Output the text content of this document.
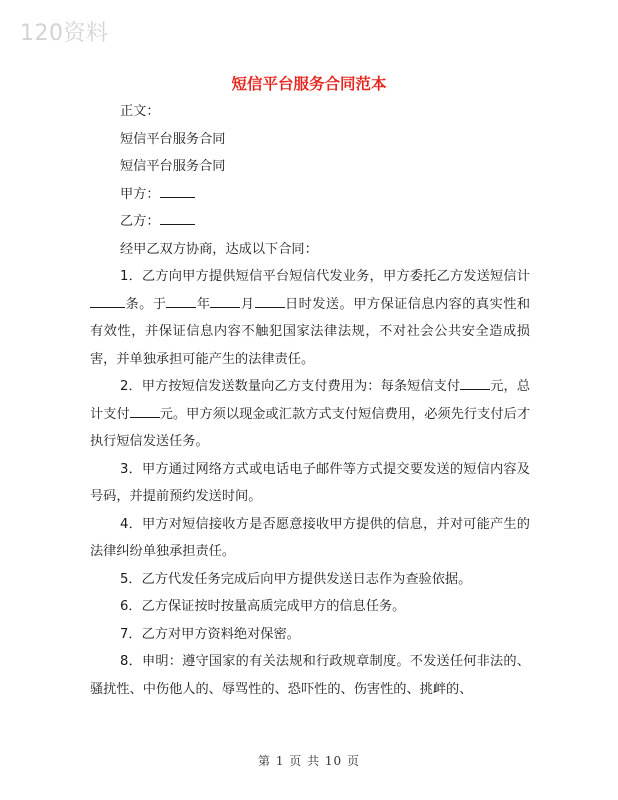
120资料
短信平台服务合同范本

正文：

短信平台服务合同

短信平台服务合同

甲方：

乙方：

经甲乙双方协商，达成以下合同：

1．乙方向甲方提供短信平台短信代发业务，甲方委托乙方发送短信计条。于 年 月 日时发送。甲方保证信息内容的真实性和有效性，并保证信息内容不触犯国家法律法规，不对社会公共安全造成损害，并单独承担可能产生的法律责任。

2．甲方按短信发送数量向乙方支付费用为：每条短信支付 元，总计支付 元。甲方须以现金或汇款方式支付短信费用，必须先行支付后才执行短信发送任务。

3．甲方通过网络方式或电话电子邮件等方式提交要发送的短信内容及号码，并提前预约发送时间。

4．甲方对短信接收方是否愿意接收甲方提供的信息，并对可能产生的法律纠纷单独承担责任。

5．乙方代发任务完成后向甲方提供发送日志作为查验依据。

6．乙方保证按时按量高质完成甲方的信息任务。

7．乙方对甲方资料绝对保密。

8．申明：遵守国家的有关法规和行政规章制度。不发送任何非法的、骚扰性、中伤他人的、辱骂性的、恐吓性的、伤害性的、挑衅的、

第 1 页 共 10 页
